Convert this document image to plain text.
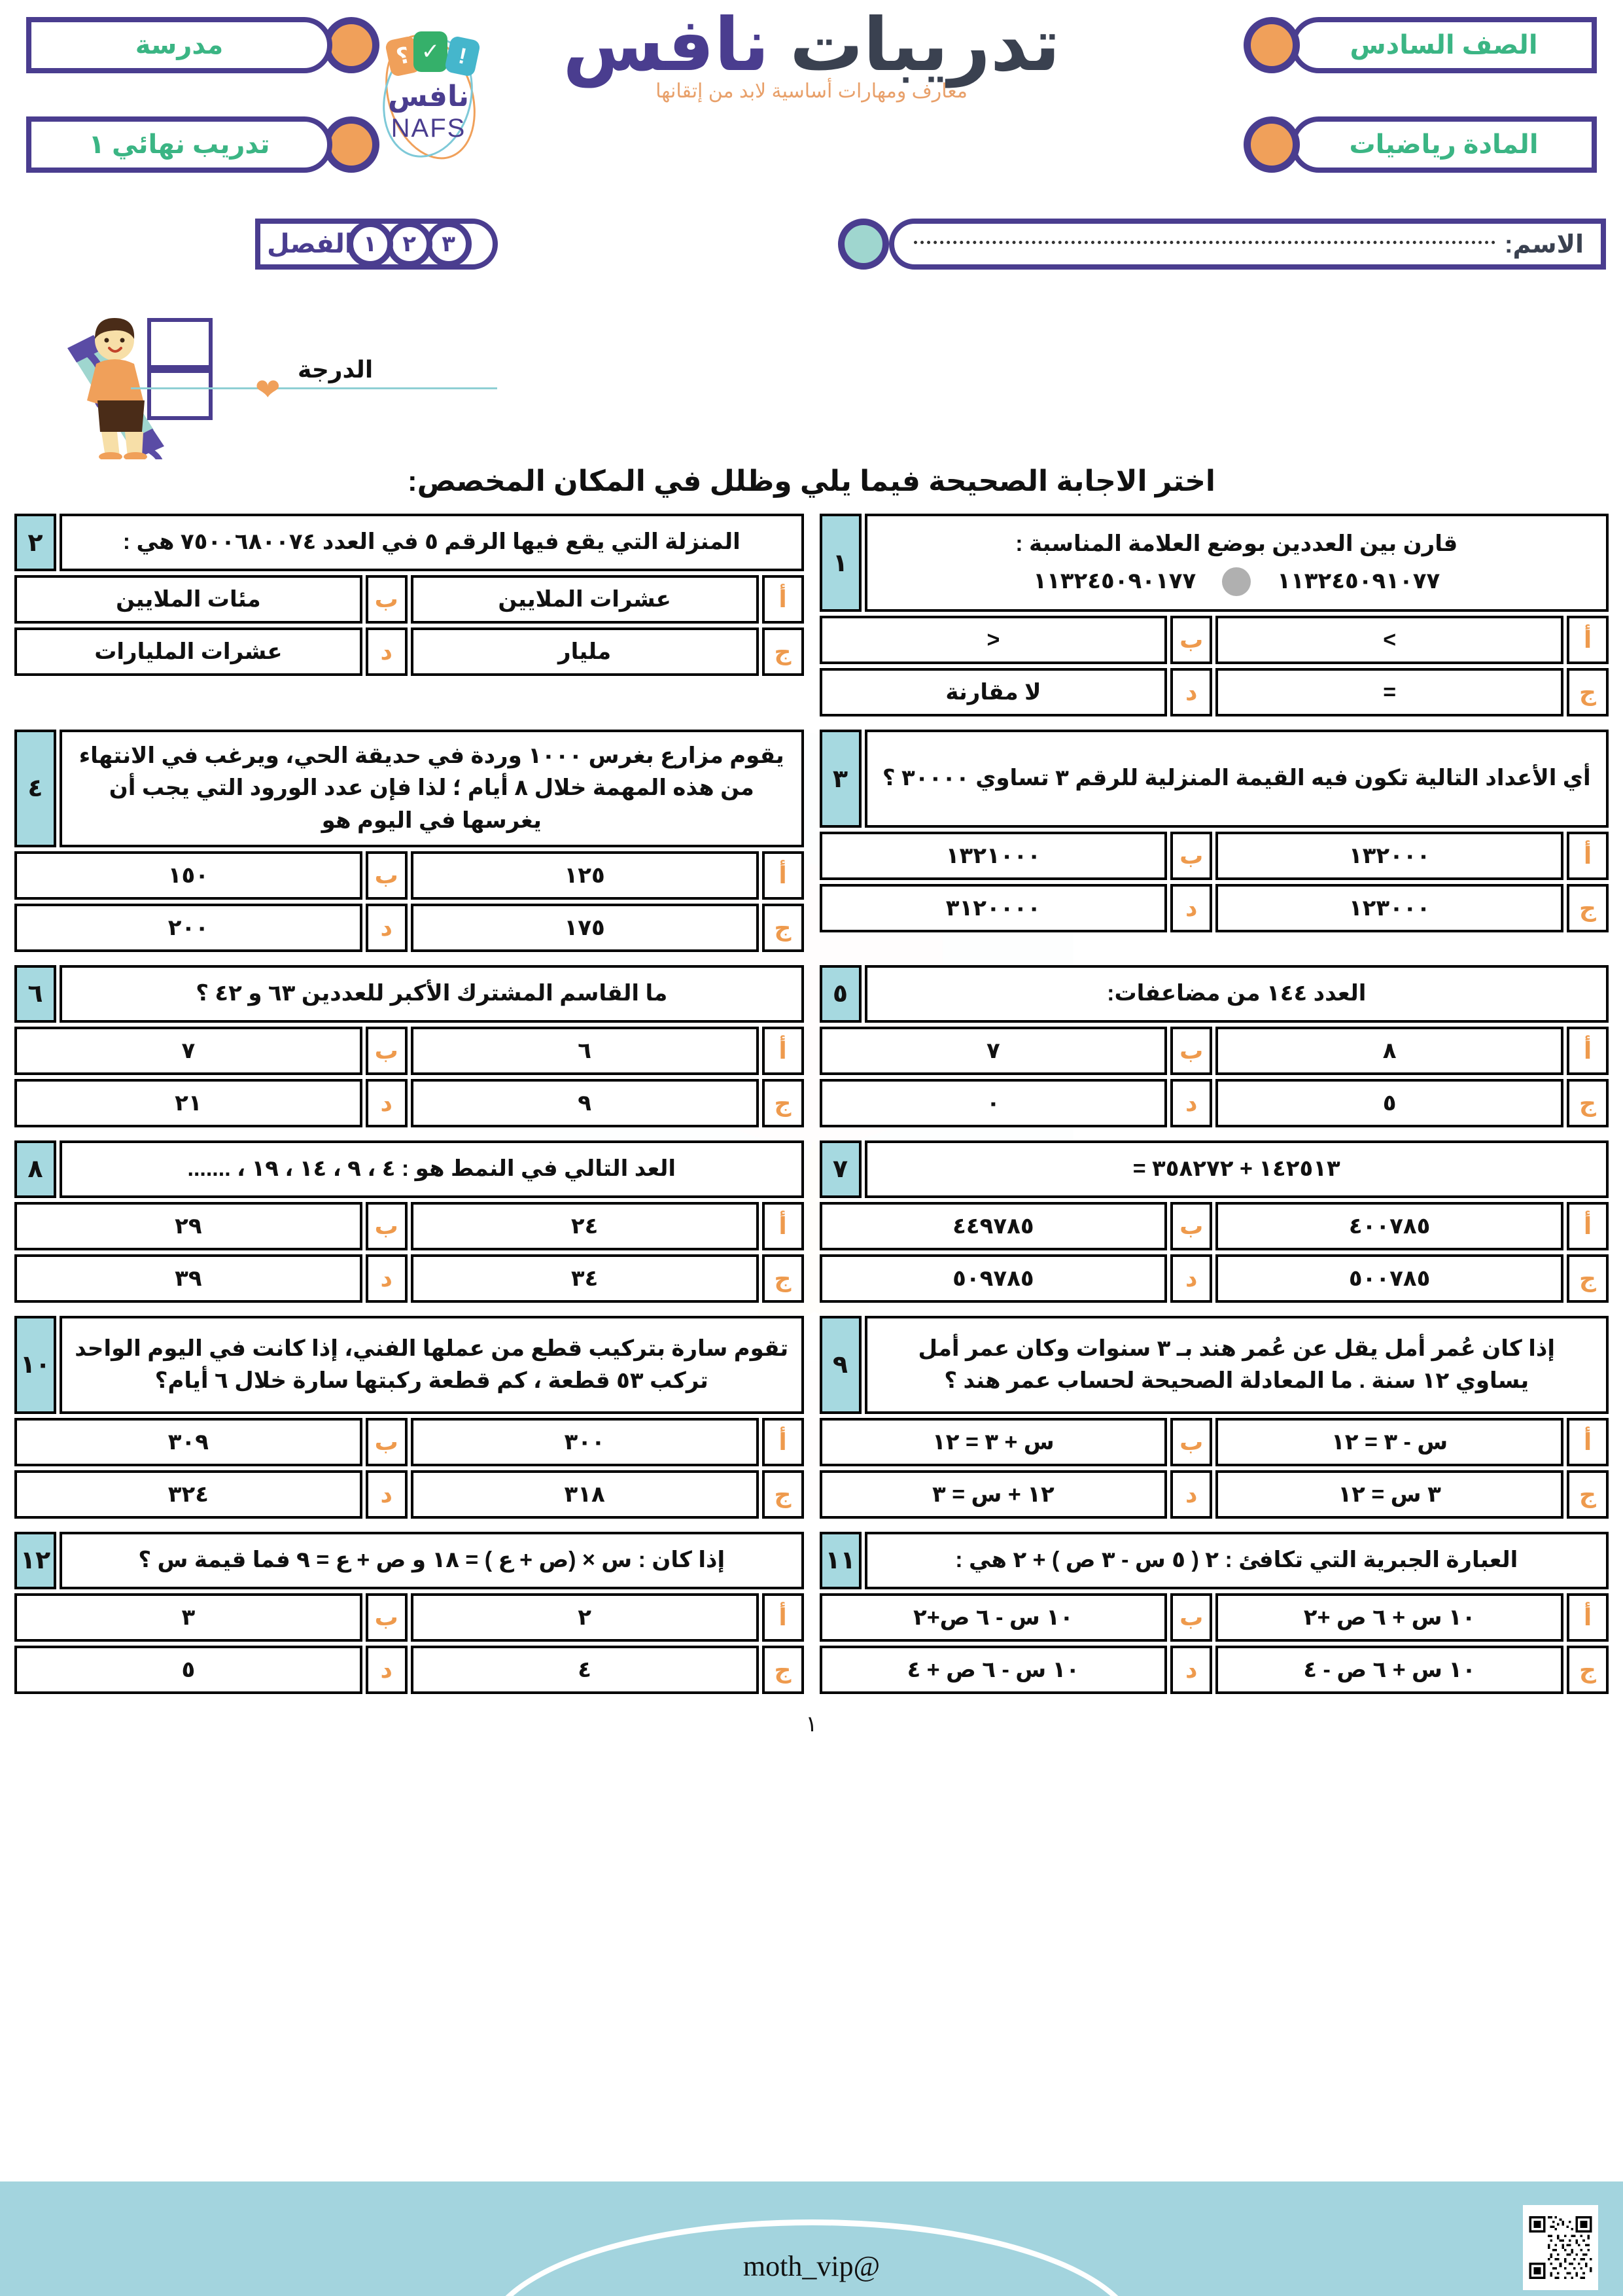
مدرسة
تدريب نهائي ١
الصف السادس
المادة رياضيات
؟ ✓ !
نافس
NAFS
تدريبات نافس
معارف ومهارات أساسية لابد من إتقانها
الاسم:
٣
٢
١
الفصل
❤
الدرجة
اختر الاجابة الصحيحة فيما يلي وظلل في المكان المخصص:
قارن بين العددين بوضع العلامة المناسبة :
١١٣٢٤٥٠٩١٠٧٧
١١٣٢٤٥٠٩٠١٧٧
١
أ
>
ب
<
ج
=
د
لا مقارنة
المنزلة التي يقع فيها الرقم ٥ في العدد ٧٥٠٠٦٨٠٠٧٤ هي :
٢
أ
عشرات الملايين
ب
مئات الملايين
ج
مليار
د
عشرات المليارات
أي الأعداد التالية تكون فيه القيمة المنزلية للرقم ٣ تساوي ٣٠٠٠٠ ؟
٣
أ
١٣٢٠٠٠
ب
١٣٢١٠٠٠
ج
١٢٣٠٠٠
د
٣١٢٠٠٠٠
يقوم مزارع بغرس ١٠٠٠ وردة في حديقة الحي، ويرغب في الانتهاء من هذه المهمة خلال ٨ أيام ؛ لذا فإن عدد الورود التي يجب أن يغرسها في اليوم هو
٤
أ
١٢٥
ب
١٥٠
ج
١٧٥
د
٢٠٠
العدد ١٤٤ من مضاعفات:
٥
أ
٨
ب
٧
ج
٥
د
٠
ما القاسم المشترك الأكبر للعددين ٦٣ و ٤٢ ؟
٦
أ
٦
ب
٧
ج
٩
د
٢١
١٤٢٥١٣ + ٣٥٨٢٧٢ =
٧
أ
٤٠٠٧٨٥
ب
٤٤٩٧٨٥
ج
٥٠٠٧٨٥
د
٥٠٩٧٨٥
العد التالي في النمط هو : ٤ ، ٩ ، ١٤ ، ١٩ ، .......
٨
أ
٢٤
ب
٢٩
ج
٣٤
د
٣٩
إذا كان عُمر أمل يقل عن عُمر هند بـ ٣ سنوات وكان عمر أمل يساوي ١٢ سنة . ما المعادلة الصحيحة لحساب عمر هند ؟
٩
أ
س - ٣ = ١٢
ب
س + ٣ = ١٢
ج
٣ س = ١٢
د
١٢ + س = ٣
تقوم سارة بتركيب قطع من عملها الفني، إذا كانت في اليوم الواحد تركب ٥٣ قطعة ، كم قطعة ركبتها سارة خلال ٦ أيام؟
١٠
أ
٣٠٠
ب
٣٠٩
ج
٣١٨
د
٣٢٤
العبارة الجبرية التي تكافئ : ٢ ( ٥ س - ٣ ص ) + ٢ هي :
١١
أ
١٠ س + ٦ ص +٢
ب
١٠ س - ٦ ص+٢
ج
١٠ س + ٦ ص - ٤
د
١٠ س - ٦ ص + ٤
إذا كان : س × (ص + ع ) = ١٨ و ص + ع = ٩ فما قيمة س ؟
١٢
أ
٢
ب
٣
ج
٤
د
٥
١
@moth_vip
